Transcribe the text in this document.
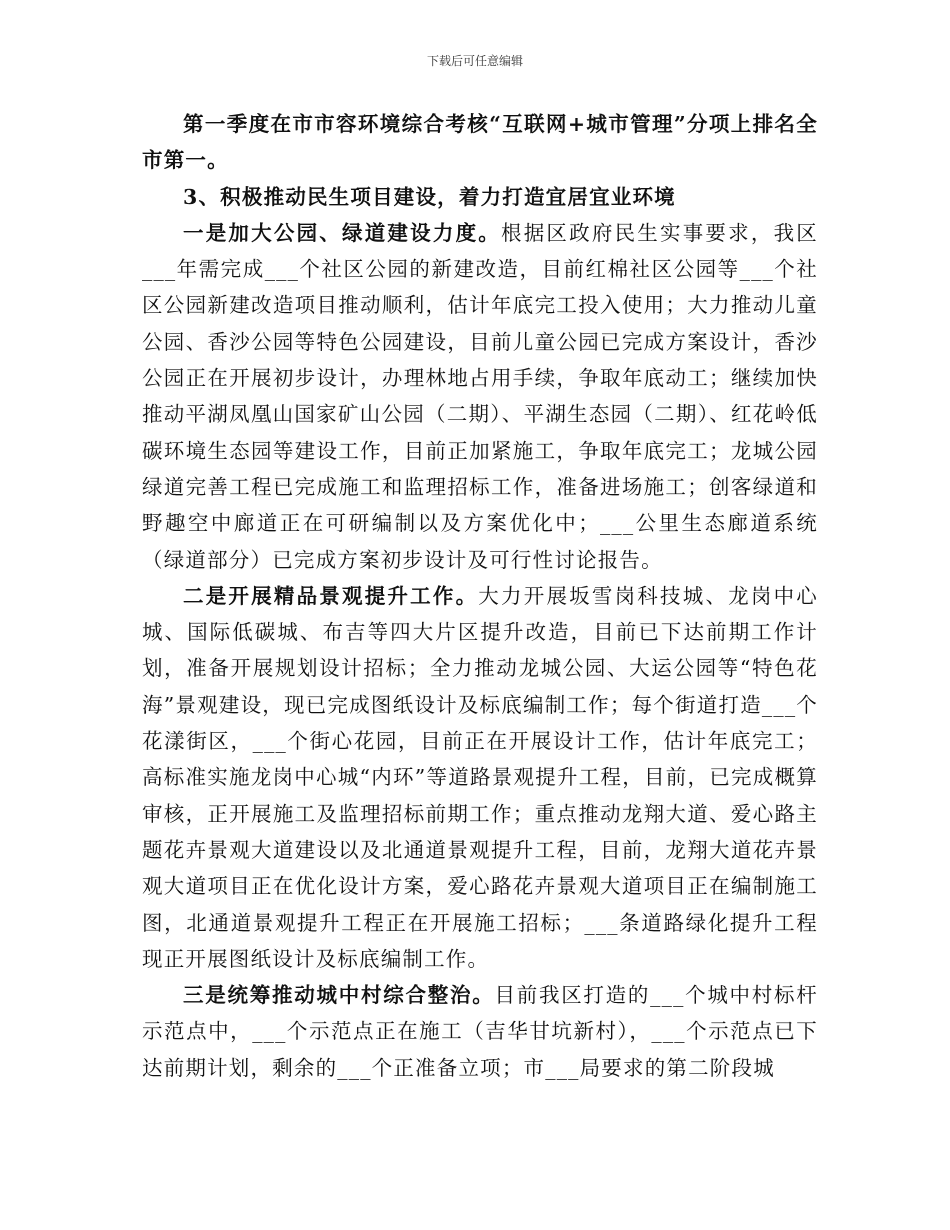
下载后可任意编辑

第一季度在市市容环境综合考核“互联网+城市管理”分项上排名全市第一。

3、积极推动民生项目建设，着力打造宜居宜业环境

一是加大公园、绿道建设力度。根据区政府民生实事要求，我区___年需完成___个社区公园的新建改造，目前红棉社区公园等___个社区公园新建改造项目推动顺利，估计年底完工投入使用；大力推动儿童公园、香沙公园等特色公园建设，目前儿童公园已完成方案设计，香沙公园正在开展初步设计，办理林地占用手续，争取年底动工；继续加快推动平湖凤凰山国家矿山公园（二期）、平湖生态园（二期）、红花岭低碳环境生态园等建设工作，目前正加紧施工，争取年底完工；龙城公园绿道完善工程已完成施工和监理招标工作，准备进场施工；创客绿道和野趣空中廊道正在可研编制以及方案优化中；___公里生态廊道系统（绿道部分）已完成方案初步设计及可行性讨论报告。

二是开展精品景观提升工作。大力开展坂雪岗科技城、龙岗中心城、国际低碳城、布吉等四大片区提升改造，目前已下达前期工作计划，准备开展规划设计招标；全力推动龙城公园、大运公园等“特色花海”景观建设，现已完成图纸设计及标底编制工作；每个街道打造___个花漾街区，___个街心花园，目前正在开展设计工作，估计年底完工；高标准实施龙岗中心城“内环”等道路景观提升工程，目前，已完成概算审核，正开展施工及监理招标前期工作；重点推动龙翔大道、爱心路主题花卉景观大道建设以及北通道景观提升工程，目前，龙翔大道花卉景观大道项目正在优化设计方案，爱心路花卉景观大道项目正在编制施工图，北通道景观提升工程正在开展施工招标；___条道路绿化提升工程现正开展图纸设计及标底编制工作。

三是统筹推动城中村综合整治。目前我区打造的___个城中村标杆示范点中，___个示范点正在施工（吉华甘坑新村），___个示范点已下达前期计划，剩余的___个正准备立项；市___局要求的第二阶段城
